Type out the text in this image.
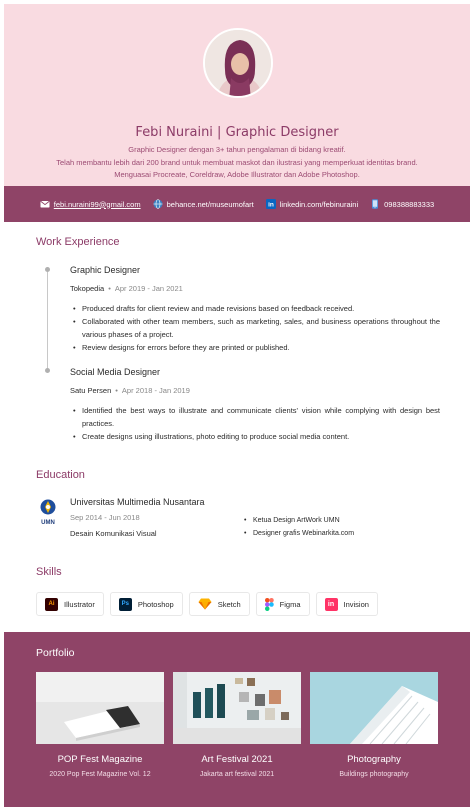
Febi Nuraini | Graphic Designer
Graphic Designer dengan 3+ tahun pengalaman di bidang kreatif.
Telah membantu lebih dari 200 brand untuk membuat maskot dan ilustrasi yang memperkuat identitas brand.
Menguasai Procreate, Coreldraw, Adobe Illustrator dan Adobe Photoshop.
febi.nuraini99@gmail.com	behance.net/museumofart in linkedin.com/febinuraini	098388883333
Work Experience
Graphic Designer
Tokopedia • Apr 2019 - Jan 2021
• Produced drafts for client review and made revisions based on feedback received.
• Collaborated with other team members, such as marketing, sales, and business operations throughout the various phases of a project.
• Review designs for errors before they are printed or published.
Social Media Designer
Satu Persen • Apr 2018 - Jan 2019
• Identified the best ways to illustrate and communicate clients' vision while complying with design best practices.
• Create designs using illustrations, photo editing to produce social media content.
Education
UMN
Universitas Multimedia Nusantara
Sep 2014 - Jun 2018
Desain Komunikasi Visual
• Ketua Design ArtWork UMN
• Designer grafis Webinarkita.com
Skills
Ai	Illustrator	Ps	Photoshop	Sketch	Figma	in	Invision
Portfolio
POP Fest Magazine
2020 Pop Fest Magazine Vol. 12
Art Festival 2021
Jakarta art festival 2021
Photography
Buildings photography
